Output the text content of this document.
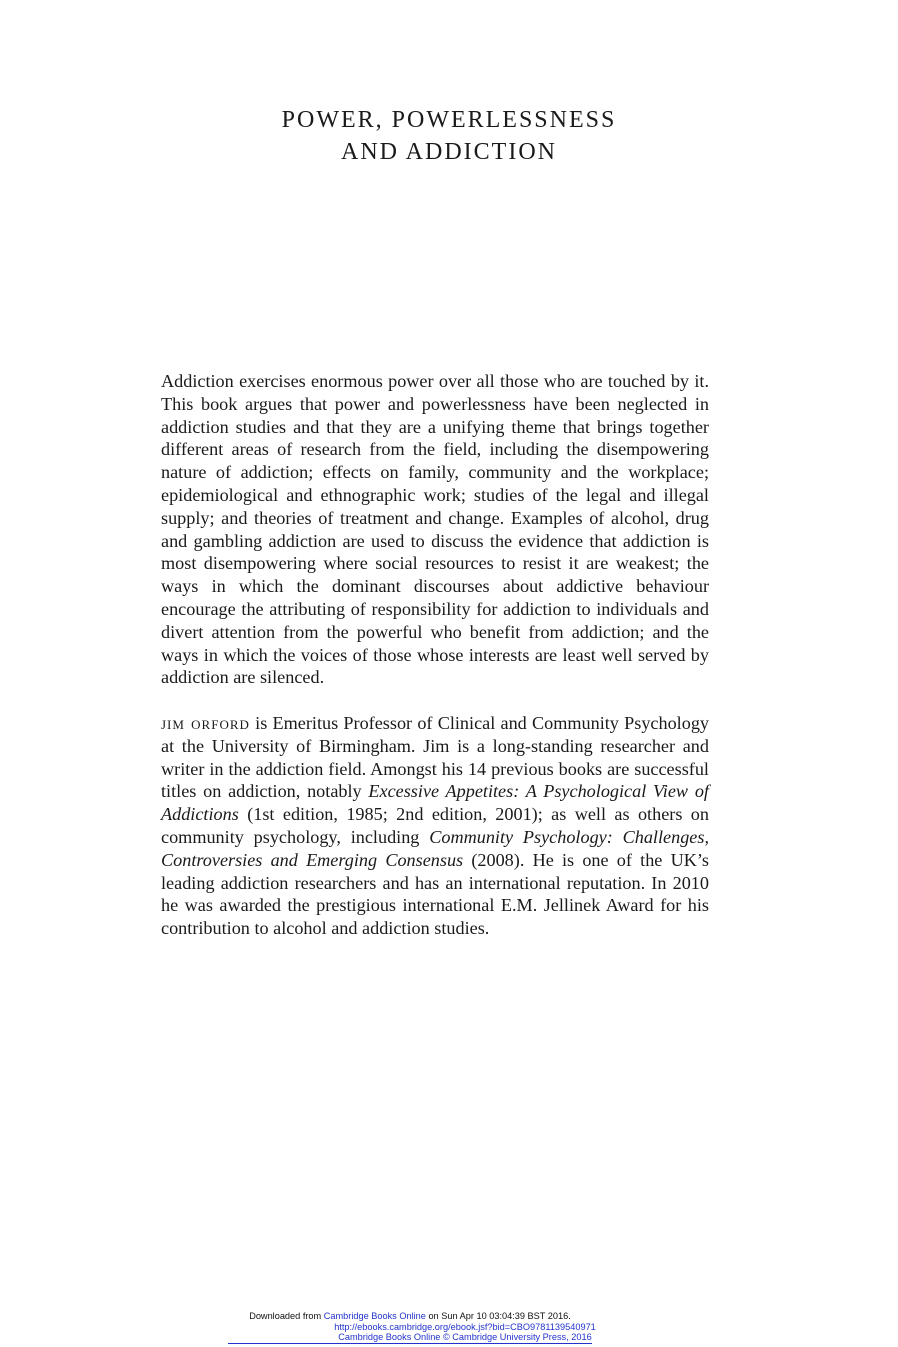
POWER, POWERLESSNESS
AND ADDICTION

Addiction exercises enormous power over all those who are touched by it. This book argues that power and powerlessness have been neglected in addiction studies and that they are a unifying theme that brings together different areas of research from the field, including the disempowering nature of addiction; effects on family, community and the workplace; epidemiological and ethnographic work; studies of the legal and illegal supply; and theories of treatment and change. Examples of alcohol, drug and gambling addiction are used to discuss the evidence that addiction is most disempowering where social resources to resist it are weakest; the ways in which the dominant discourses about addictive behaviour encourage the attributing of responsibility for addiction to individuals and divert attention from the powerful who benefit from addiction; and the ways in which the voices of those whose interests are least well served by addiction are silenced.

jim orford is Emeritus Professor of Clinical and Community Psychology at the University of Birmingham. Jim is a long-standing researcher and writer in the addiction field. Amongst his 14 previous books are successful titles on addiction, notably Excessive Appetites: A Psychological View of Addictions (1st edition, 1985; 2nd edition, 2001); as well as others on community psychology, including Community Psychology: Challenges, Controversies and Emerging Consensus (2008). He is one of the UK’s leading addiction researchers and has an international reputation. In 2010 he was awarded the prestigious international E.M. Jellinek Award for his contribution to alcohol and addiction studies.

Downloaded from Cambridge Books Online on Sun Apr 10 03:04:39 BST 2016.
http://ebooks.cambridge.org/ebook.jsf?bid=CBO9781139540971
Cambridge Books Online © Cambridge University Press, 2016
